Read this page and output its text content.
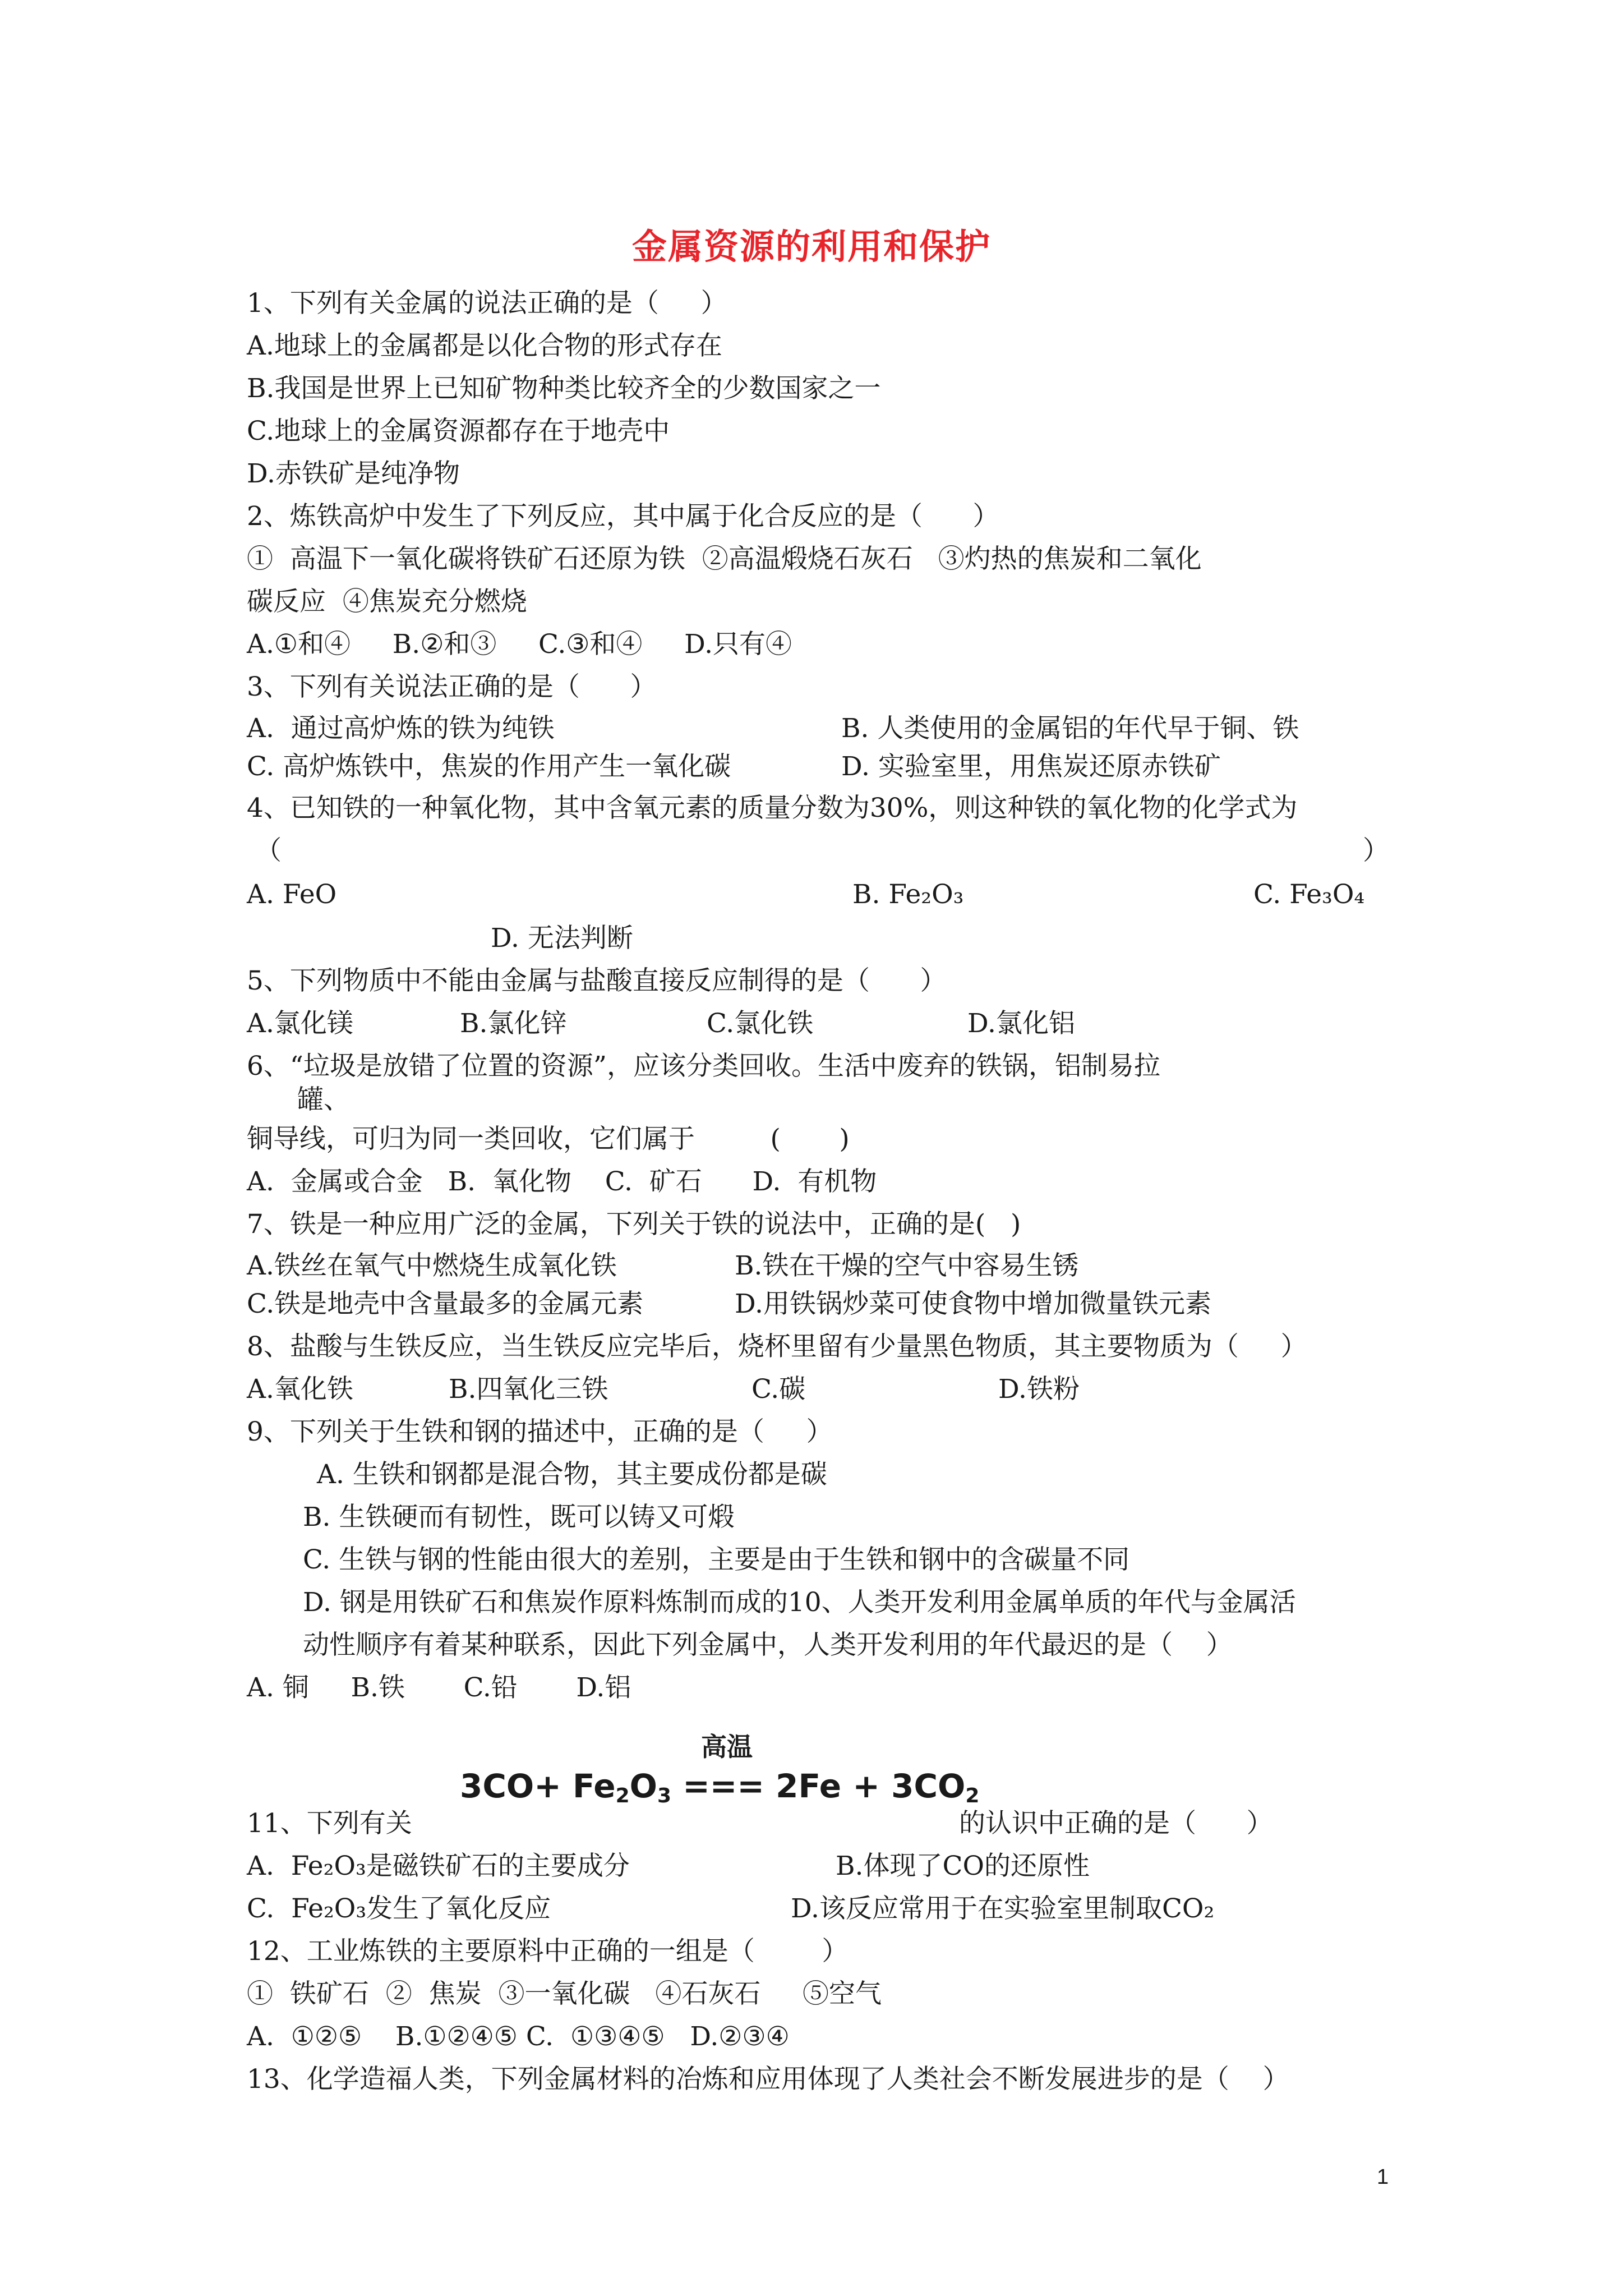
金属资源的利用和保护
1、下列有关金属的说法正确的是（     ）
A.地球上的金属都是以化合物的形式存在
B.我国是世界上已知矿物种类比较齐全的少数国家之一
C.地球上的金属资源都存在于地壳中
D.赤铁矿是纯净物
2、炼铁高炉中发生了下列反应，其中属于化合反应的是（      ）
①  高温下一氧化碳将铁矿石还原为铁  ②高温煅烧石灰石   ③灼热的焦炭和二氧化
碳反应  ④焦炭充分燃烧
A.①和④     B.②和③     C.③和④     D.只有④
3、下列有关说法正确的是（      ）
A.  通过高炉炼的铁为纯铁	B. 人类使用的金属铝的年代早于铜、铁
C. 高炉炼铁中，焦炭的作用产生一氧化碳	D. 实验室里，用焦炭还原赤铁矿
4、已知铁的一种氧化物，其中含氧元素的质量分数为30%，则这种铁的氧化物的化学式为
（	）
A. FeO	B. Fe₂O₃	C. Fe₃O₄
D. 无法判断
5、下列物质中不能由金属与盐酸直接反应制得的是（      ）
A.氯化镁	B.氯化锌	C.氯化铁	D.氯化铝
6、“垃圾是放错了位置的资源”，应该分类回收。生活中废弃的铁锅，铝制易拉
罐、
铜导线，可归为同一类回收，它们属于         (       )
A.  金属或合金   B.  氧化物    C.  矿石      D.  有机物
7、铁是一种应用广泛的金属，下列关于铁的说法中，正确的是(   )
A.铁丝在氧气中燃烧生成氧化铁	B.铁在干燥的空气中容易生锈
C.铁是地壳中含量最多的金属元素	D.用铁锅炒菜可使食物中增加微量铁元素
8、盐酸与生铁反应，当生铁反应完毕后，烧杯里留有少量黑色物质，其主要物质为（     ）
A.氧化铁	B.四氧化三铁	C.碳	D.铁粉
9、下列关于生铁和钢的描述中，正确的是（     ）
A. 生铁和钢都是混合物，其主要成份都是碳
B. 生铁硬而有韧性，既可以铸又可煅
C. 生铁与钢的性能由很大的差别，主要是由于生铁和钢中的含碳量不同
D. 钢是用铁矿石和焦炭作原料炼制而成的10、人类开发利用金属单质的年代与金属活
动性顺序有着某种联系，因此下列金属中，人类开发利用的年代最迟的是（    ）
A. 铜     B.铁       C.铅       D.铝
高温
$3CO+ Fe_2O_3$ === $2Fe + 3CO_2$
11、下列有关	的认识中正确的是（      ）
A.  Fe₂O₃是磁铁矿石的主要成分	B.体现了CO的还原性
C.  Fe₂O₃发生了氧化反应	D.该反应常用于在实验室里制取CO₂
12、工业炼铁的主要原料中正确的一组是（        ）
①  铁矿石  ②  焦炭  ③一氧化碳   ④石灰石     ⑤空气
A.  ①②⑤    B.①②④⑤ C.  ①③④⑤   D.②③④
13、化学造福人类，下列金属材料的冶炼和应用体现了人类社会不断发展进步的是（    ）
1
